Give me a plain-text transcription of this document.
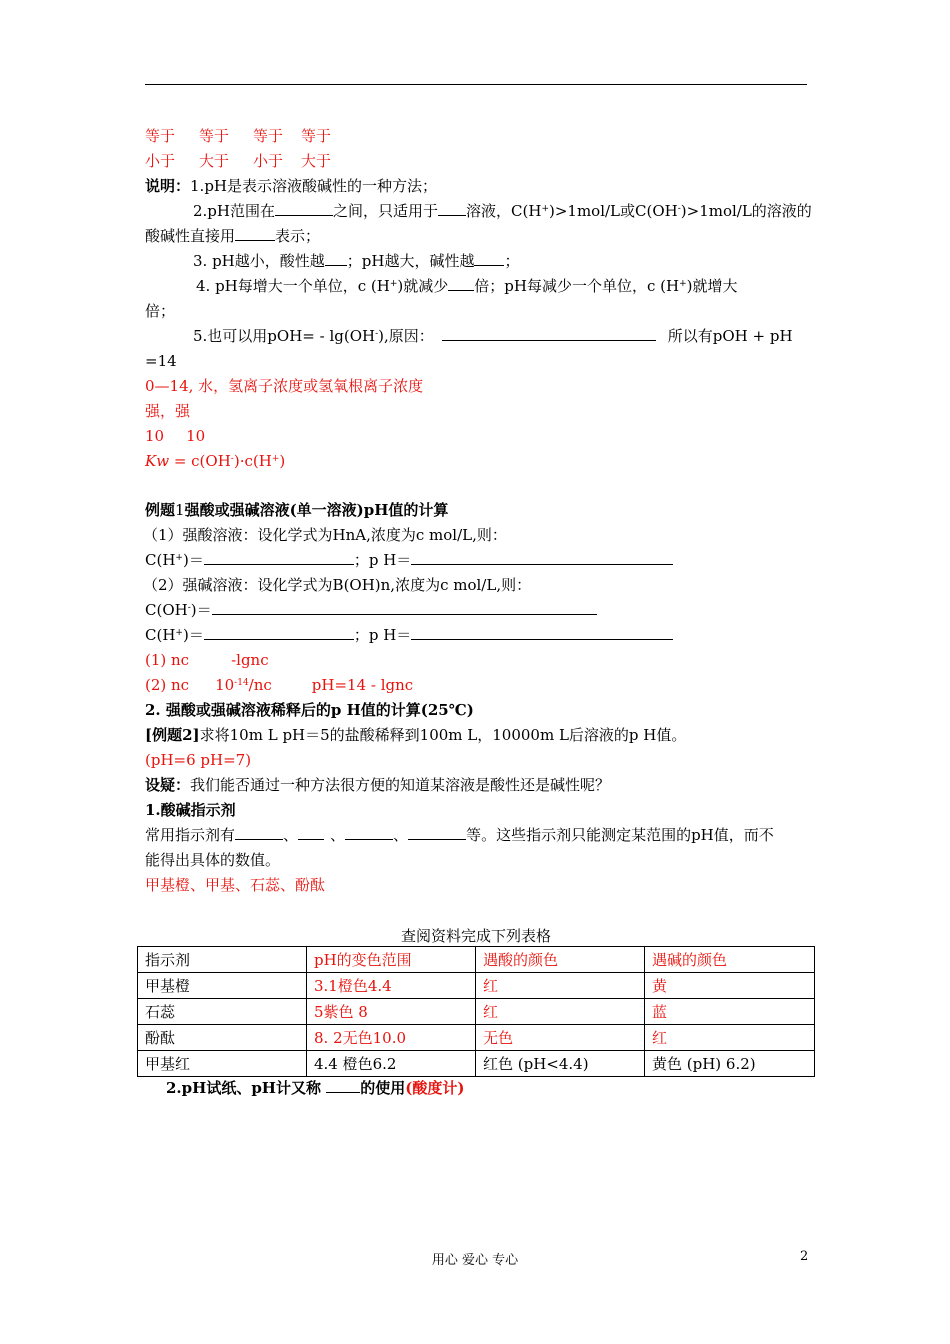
等于 等于 等于 等于
小于 大于 小于 大于
说明：1.pH是表示溶液酸碱性的一种方法；
2.pH范围在	之间，只适用于 溶液，C(H+)>1mol/L或C(OH-)>1mol/L的溶液的
酸碱性直接用	表示；
3. pH越小，酸性越 ；pH越大，碱性越 ；
4. pH每增大一个单位，c (H+)就减少 倍；pH每减少一个单位，c (H+)就增大
倍；
5.也可以用pOH= - lg(OH-),原因：	所以有pOH + pH
=14
0—14, 水，氢离子浓度或氢氧根离子浓度
强，强
10 10
Kw = c(OH-)·c(H+)
例题1强酸或强碱溶液(单一溶液)pH值的计算
（1）强酸溶液：设化学式为HnA,浓度为c mol/L,则：
C(H+)＝	；p H＝
（2）强碱溶液：设化学式为B(OH)n,浓度为c mol/L,则：
C(OH-)＝
C(H+)＝	；p H＝
(1) nc	-lgnc
(2) nc $10^{-14}/nc$	pH=14 - lgnc
2. 强酸或强碱溶液稀释后的p H值的计算(25℃)
[例题2]求将10m L pH＝5的盐酸稀释到100m L，10000m L后溶液的p H值。
(pH=6 pH=7)
设疑：我们能否通过一种方法很方便的知道某溶液是酸性还是碱性呢？
1.酸碱指示剂
常用指示剂有	、 、	、	等。这些指示剂只能测定某范围的pH值，而不
能得出具体的数值。
甲基橙、甲基、石蕊、酚酞
查阅资料完成下列表格
指示剂	pH的变色范围	遇酸的颜色	遇碱的颜色
甲基橙	3.1橙色4.4	红	黄
石蕊	5紫色 8	红	蓝
酚酞	8. 2无色10.0	无色	红
甲基红	4.4 橙色6.2	红色 (pH<4.4)	黄色 (pH) 6.2)
2.pH试纸、pH计又称 的使用(酸度计)
用心 爱心 专心	2
